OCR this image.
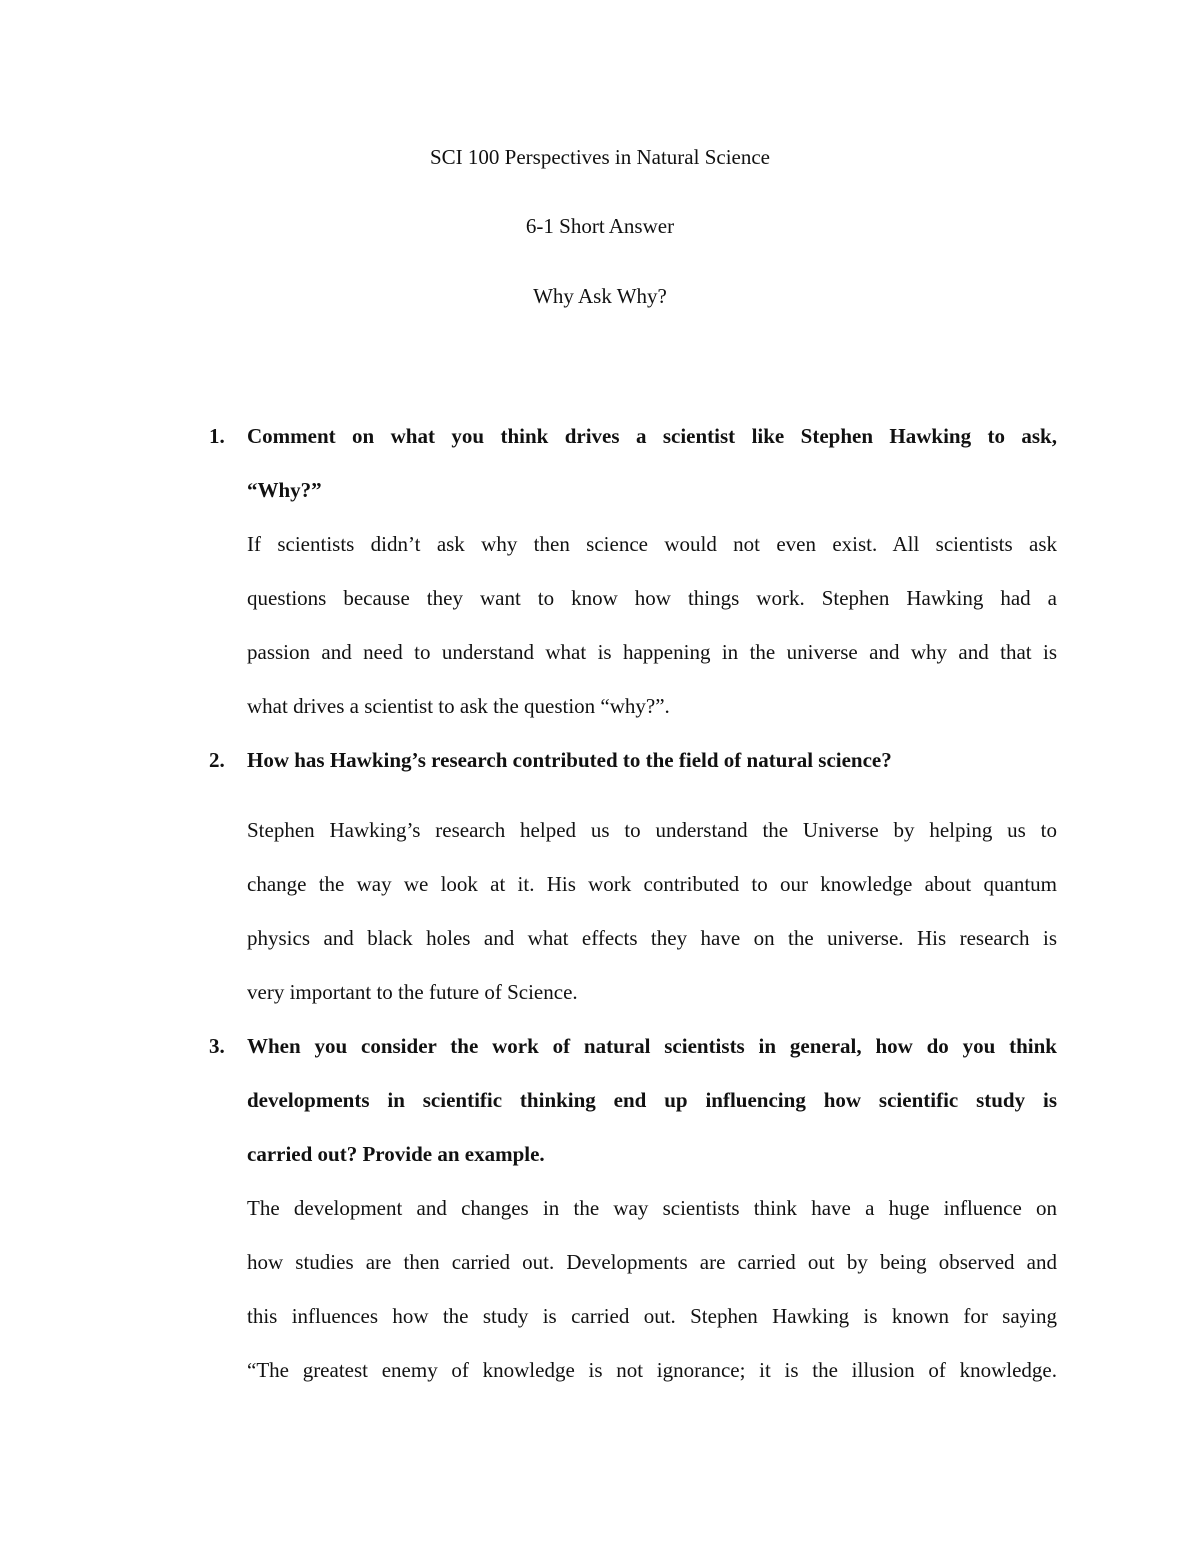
SCI 100 Perspectives in Natural Science
6-1 Short Answer
Why Ask Why?
1. Comment on what you think drives a scientist like Stephen Hawking to ask,
“Why?”
If scientists didn’t ask why then science would not even exist. All scientists ask
questions because they want to know how things work. Stephen Hawking had a
passion and need to understand what is happening in the universe and why and that is
what drives a scientist to ask the question “why?”.
2. How has Hawking’s research contributed to the field of natural science?
Stephen Hawking’s research helped us to understand the Universe by helping us to
change the way we look at it. His work contributed to our knowledge about quantum
physics and black holes and what effects they have on the universe. His research is
very important to the future of Science.
3. When you consider the work of natural scientists in general, how do you think
developments in scientific thinking end up influencing how scientific study is
carried out? Provide an example.
The development and changes in the way scientists think have a huge influence on
how studies are then carried out. Developments are carried out by being observed and
this influences how the study is carried out. Stephen Hawking is known for saying
“The greatest enemy of knowledge is not ignorance; it is the illusion of knowledge.
